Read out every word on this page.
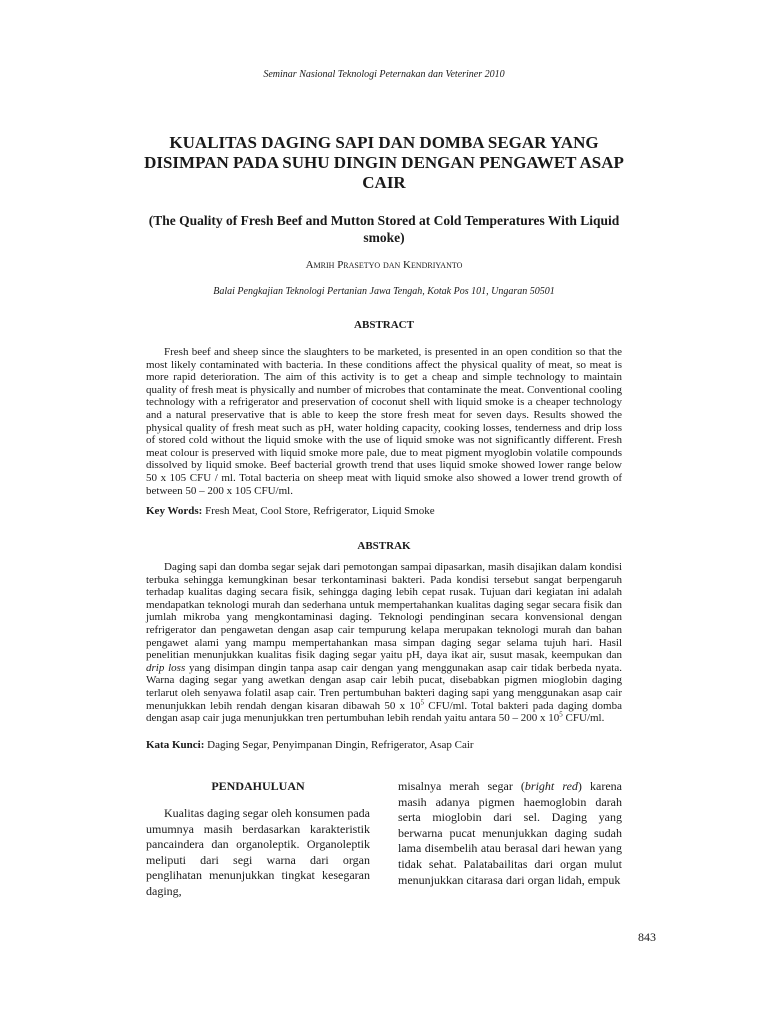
Seminar Nasional Teknologi Peternakan dan Veteriner 2010
KUALITAS DAGING SAPI DAN DOMBA SEGAR YANG DISIMPAN PADA SUHU DINGIN DENGAN PENGAWET ASAP CAIR
(The Quality of Fresh Beef and Mutton Stored at Cold Temperatures With Liquid smoke)
Amrih Prasetyo dan Kendriyanto
Balai Pengkajian Teknologi Pertanian Jawa Tengah, Kotak Pos 101, Ungaran 50501
ABSTRACT

Fresh beef and sheep since the slaughters to be marketed, is presented in an open condition so that the most likely contaminated with bacteria. In these conditions affect the physical quality of meat, so meat is more rapid deterioration. The aim of this activity is to get a cheap and simple technology to maintain quality of fresh meat is physically and number of microbes that contaminate the meat. Conventional cooling technology with a refrigerator and preservation of coconut shell with liquid smoke is a cheaper technology and a natural preservative that is able to keep the store fresh meat for seven days. Results showed the physical quality of fresh meat such as pH, water holding capacity, cooking losses, tenderness and drip loss of stored cold without the liquid smoke with the use of liquid smoke was not significantly different. Fresh meat colour is preserved with liquid smoke more pale, due to meat pigment myoglobin volatile compounds dissolved by liquid smoke. Beef bacterial growth trend that uses liquid smoke showed lower range below 50 x 105 CFU / ml. Total bacteria on sheep meat with liquid smoke also showed a lower trend growth of between 50 – 200 x 105 CFU/ml.

Key Words: Fresh Meat, Cool Store, Refrigerator, Liquid Smoke

ABSTRAK

Daging sapi dan domba segar sejak dari pemotongan sampai dipasarkan, masih disajikan dalam kondisi terbuka sehingga kemungkinan besar terkontaminasi bakteri. Pada kondisi tersebut sangat berpengaruh terhadap kualitas daging secara fisik, sehingga daging lebih cepat rusak. Tujuan dari kegiatan ini adalah mendapatkan teknologi murah dan sederhana untuk mempertahankan kualitas daging segar secara fisik dan jumlah mikroba yang mengkontaminasi daging. Teknologi pendinginan secara konvensional dengan refrigerator dan pengawetan dengan asap cair tempurung kelapa merupakan teknologi murah dan bahan pengawet alami yang mampu mempertahankan masa simpan daging segar selama tujuh hari. Hasil penelitian menunjukkan kualitas fisik daging segar yaitu pH, daya ikat air, susut masak, keempukan dan drip loss yang disimpan dingin tanpa asap cair dengan yang menggunakan asap cair tidak berbeda nyata. Warna daging segar yang awetkan dengan asap cair lebih pucat, disebabkan pigmen mioglobin daging terlarut oleh senyawa folatil asap cair. Tren pertumbuhan bakteri daging sapi yang menggunakan asap cair menunjukkan lebih rendah dengan kisaran dibawah 50 x $10^5$ CFU/ml. Total bakteri pada daging domba dengan asap cair juga menunjukkan tren pertumbuhan lebih rendah yaitu antara 50 – 200 x $10^5$ CFU/ml.

Kata Kunci: Daging Segar, Penyimpanan Dingin, Refrigerator, Asap Cair

PENDAHULUAN

Kualitas daging segar oleh konsumen pada umumnya masih berdasarkan karakteristik pancaindera dan organoleptik. Organoleptik meliputi dari segi warna dari organ penglihatan menunjukkan tingkat kesegaran daging,

misalnya merah segar (bright red) karena masih adanya pigmen haemoglobin darah serta mioglobin dari sel. Daging yang berwarna pucat menunjukkan daging sudah lama disembelih atau berasal dari hewan yang tidak sehat. Palatabailitas dari organ mulut menunjukkan citarasa dari organ lidah, empuk

843
